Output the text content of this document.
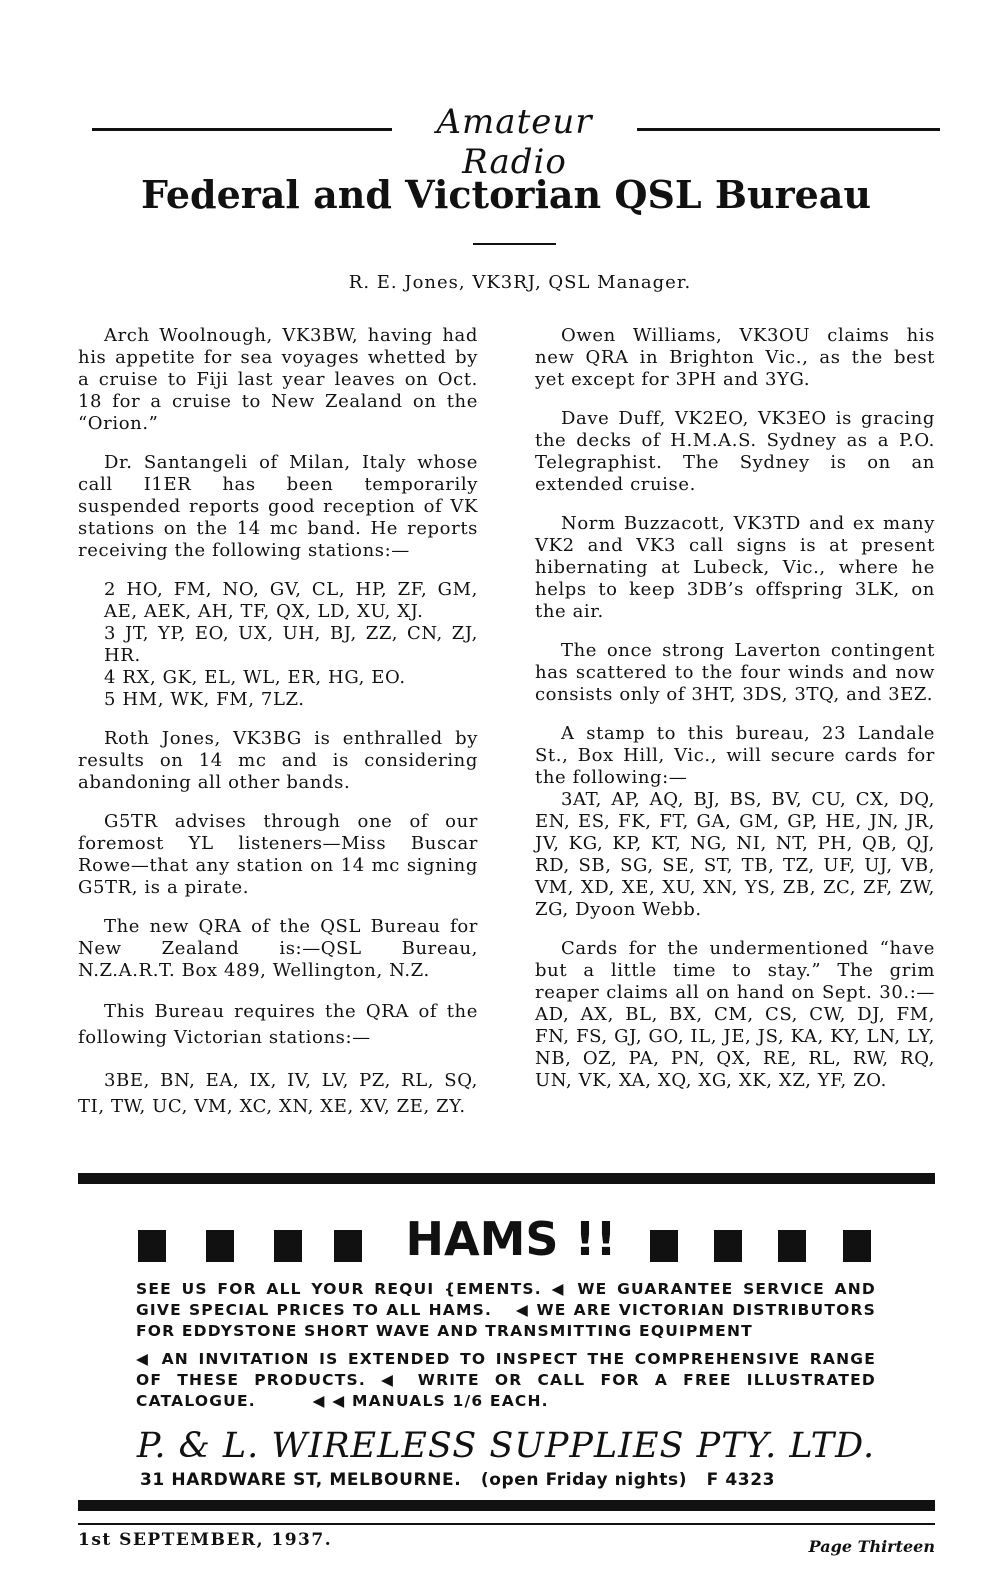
Amateur Radio
Federal and Victorian QSL Bureau
R. E. Jones, VK3RJ, QSL Manager.

Arch Woolnough, VK3BW, having had his appetite for sea voyages whetted by a cruise to Fiji last year leaves on Oct. 18 for a cruise to New Zealand on the “Orion.”

Dr. Santangeli of Milan, Italy whose call I1ER has been temporarily suspended reports good reception of VK stations on the 14 mc band. He reports receiving the following stations:—

2 HO, FM, NO, GV, CL, HP, ZF, GM, AE, AEK, AH, TF, QX, LD, XU, XJ.

3 JT, YP, EO, UX, UH, BJ, ZZ, CN, ZJ, HR.

4 RX, GK, EL, WL, ER, HG, EO.

5 HM, WK, FM, 7LZ.

Roth Jones, VK3BG is enthralled by results on 14 mc and is considering abandoning all other bands.

G5TR advises through one of our foremost YL listeners—Miss Buscar Rowe—that any station on 14 mc signing G5TR, is a pirate.

The new QRA of the QSL Bureau for New Zealand is:—QSL Bureau, N.Z.A.R.T. Box 489, Wellington, N.Z.

This Bureau requires the QRA of the following Victorian stations:—

3BE, BN, EA, IX, IV, LV, PZ, RL, SQ, TI, TW, UC, VM, XC, XN, XE, XV, ZE, ZY.

Owen Williams, VK3OU claims his new QRA in Brighton Vic., as the best yet except for 3PH and 3YG.

Dave Duff, VK2EO, VK3EO is gracing the decks of H.M.A.S. Sydney as a P.O. Telegraphist. The Sydney is on an extended cruise.

Norm Buzzacott, VK3TD and ex many VK2 and VK3 call signs is at present hibernating at Lubeck, Vic., where he helps to keep 3DB’s offspring 3LK, on the air.

The once strong Laverton contingent has scattered to the four winds and now consists only of 3HT, 3DS, 3TQ, and 3EZ.

A stamp to this bureau, 23 Landale St., Box Hill, Vic., will secure cards for the following:—

3AT, AP, AQ, BJ, BS, BV, CU, CX, DQ, EN, ES, FK, FT, GA, GM, GP, HE, JN, JR, JV, KG, KP, KT, NG, NI, NT, PH, QB, QJ, RD, SB, SG, SE, ST, TB, TZ, UF, UJ, VB, VM, XD, XE, XU, XN, YS, ZB, ZC, ZF, ZW, ZG, Dyoon Webb.

Cards for the undermentioned “have but a little time to stay.” The grim reaper claims all on hand on Sept. 30.:—AD, AX, BL, BX, CM, CS, CW, DJ, FM, FN, FS, GJ, GO, IL, JE, JS, KA, KY, LN, LY, NB, OZ, PA, PN, QX, RE, RL, RW, RQ, UN, VK, XA, XQ, XG, XK, XZ, YF, ZO.

HAMS !!
SEE US FOR ALL YOUR REQUI {EMENTS. ◀ WE GUARANTEE SERVICE AND GIVE SPECIAL PRICES TO ALL HAMS.  ◀ WE ARE VICTORIAN DISTRIBUTORS FOR EDDYSTONE SHORT WAVE AND TRANSMITTING EQUIPMENT
◀ AN INVITATION IS EXTENDED TO INSPECT THE COMPREHENSIVE RANGE OF THESE PRODUCTS. ◀ WRITE OR CALL FOR A FREE ILLUSTRATED CATALOGUE.    ◀ ◀ MANUALS 1/6 EACH.
P. & L. WIRELESS SUPPLIES PTY. LTD.
31 HARDWARE ST, MELBOURNE.   (open Friday nights)   F 4323
1st SEPTEMBER, 1937.	Page Thirteen
